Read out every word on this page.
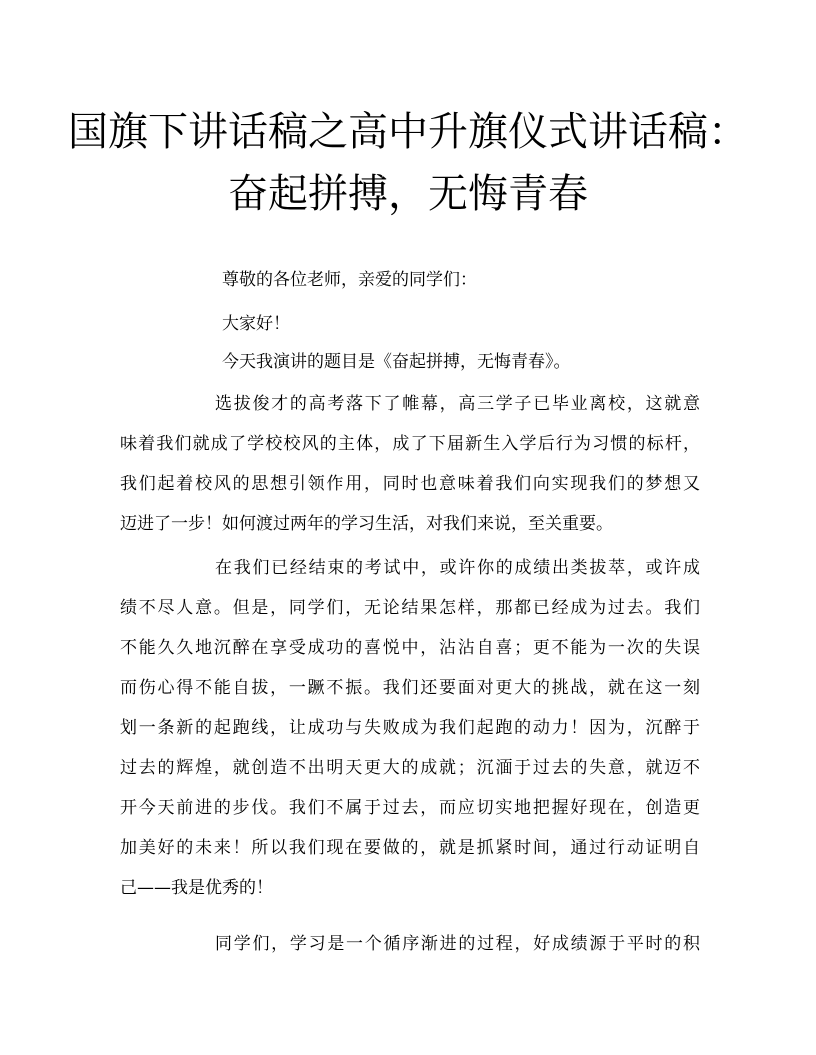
国旗下讲话稿之高中升旗仪式讲话稿：
奋起拼搏，无悔青春
尊敬的各位老师，亲爱的同学们：
大家好！
今天我演讲的题目是《奋起拼搏，无悔青春》。
选拔俊才的高考落下了帷幕，高三学子已毕业离校，这就意
味着我们就成了学校校风的主体，成了下届新生入学后行为习惯的标杆，
我们起着校风的思想引领作用，同时也意味着我们向实现我们的梦想又
迈进了一步！如何渡过两年的学习生活，对我们来说，至关重要。
在我们已经结束的考试中，或许你的成绩出类拔萃，或许成
绩不尽人意。但是，同学们，无论结果怎样，那都已经成为过去。我们
不能久久地沉醉在享受成功的喜悦中，沾沾自喜；更不能为一次的失误
而伤心得不能自拔，一蹶不振。我们还要面对更大的挑战，就在这一刻
划一条新的起跑线，让成功与失败成为我们起跑的动力！因为，沉醉于
过去的辉煌，就创造不出明天更大的成就；沉湎于过去的失意，就迈不
开今天前进的步伐。我们不属于过去，而应切实地把握好现在，创造更
加美好的未来！所以我们现在要做的，就是抓紧时间，通过行动证明自
己——我是优秀的！
同学们，学习是一个循序渐进的过程，好成绩源于平时的积
